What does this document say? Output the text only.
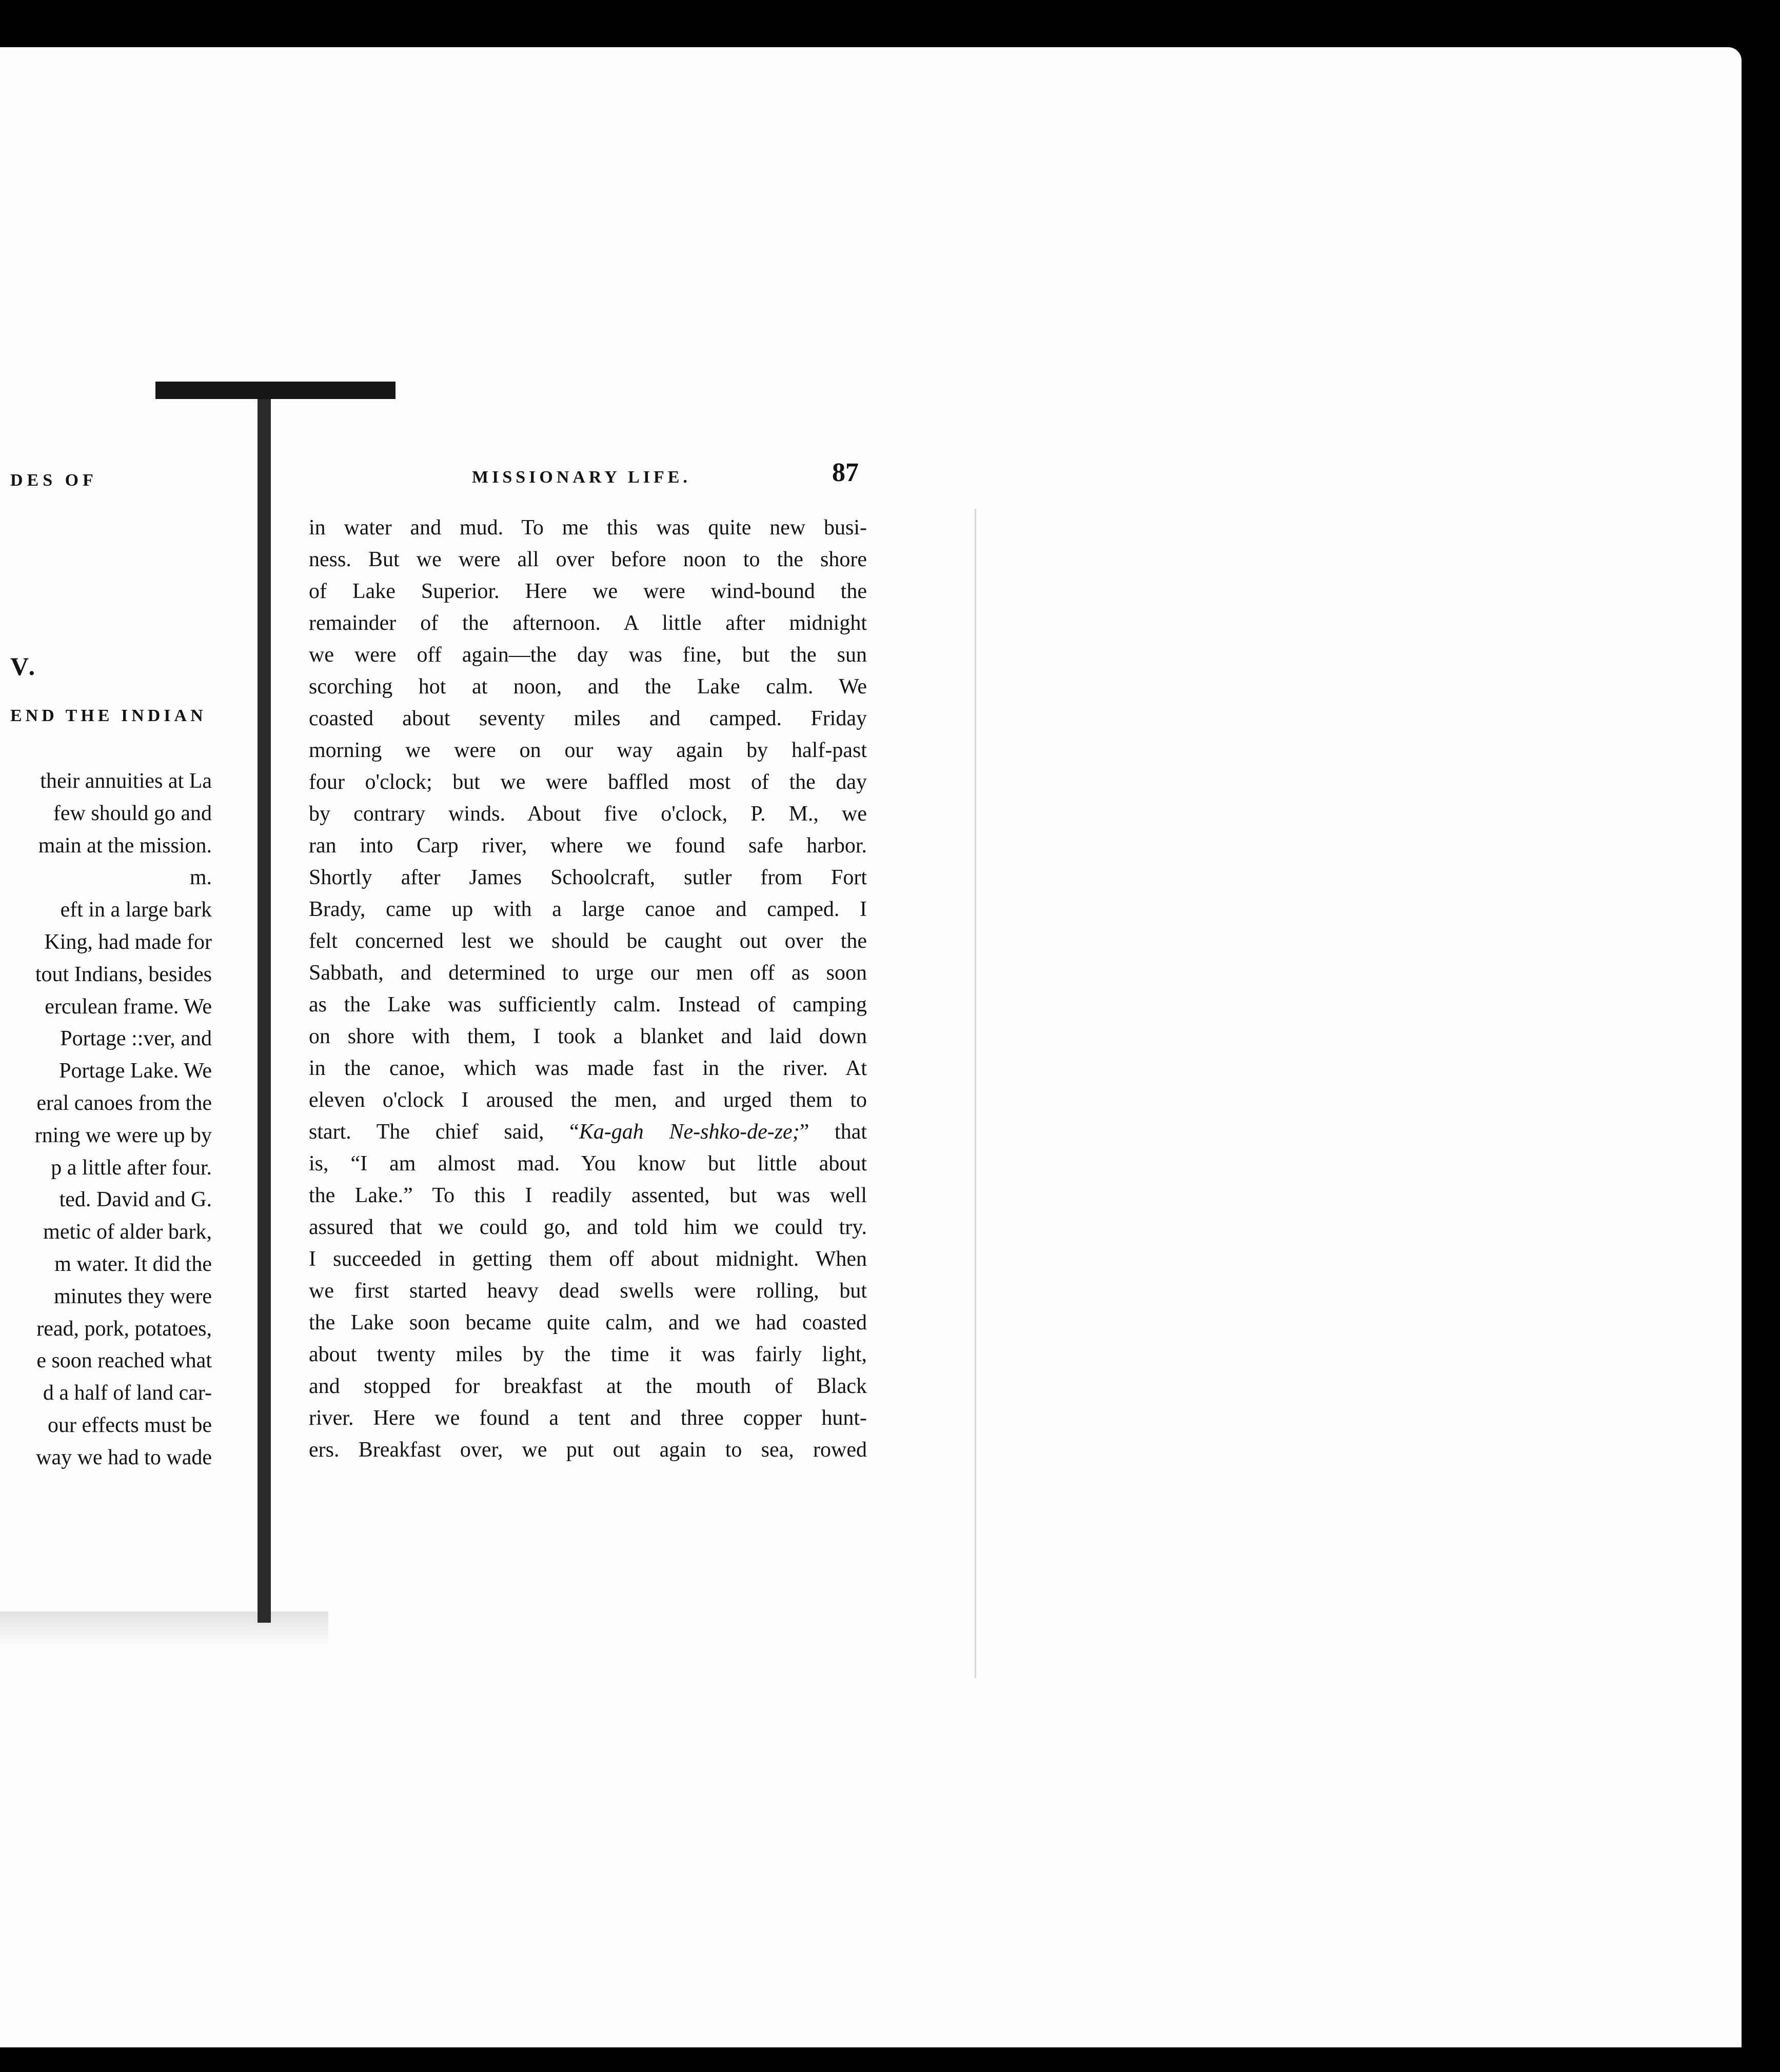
DES OF
V.
END THE INDIAN
their annuities at La
few should go and
main at the mission.
m.
eft in a large bark
King, had made for
tout Indians, besides
erculean frame. We
Portage ::ver, and
Portage Lake. We
eral canoes from the
rning we were up by
p a little after four.
ted. David and G.
metic of alder bark,
m water. It did the
minutes they were
read, pork, potatoes,
e soon reached what
d a half of land car-
our effects must be
way we had to wade
MISSIONARY LIFE.	87
in water and mud. To me this was quite new busi-
ness. But we were all over before noon to the shore
of Lake Superior. Here we were wind-bound the
remainder of the afternoon. A little after midnight
we were off again—the day was fine, but the sun
scorching hot at noon, and the Lake calm. We
coasted about seventy miles and camped. Friday
morning we were on our way again by half-past
four o'clock; but we were baffled most of the day
by contrary winds. About five o'clock, P. M., we
ran into Carp river, where we found safe harbor.
Shortly after James Schoolcraft, sutler from Fort
Brady, came up with a large canoe and camped. I
felt concerned lest we should be caught out over the
Sabbath, and determined to urge our men off as soon
as the Lake was sufficiently calm. Instead of camping
on shore with them, I took a blanket and laid down
in the canoe, which was made fast in the river. At
eleven o'clock I aroused the men, and urged them to
start. The chief said, “Ka-gah Ne-shko-de-ze;” that
is, “I am almost mad. You know but little about
the Lake.” To this I readily assented, but was well
assured that we could go, and told him we could try.
I succeeded in getting them off about midnight. When
we first started heavy dead swells were rolling, but
the Lake soon became quite calm, and we had coasted
about twenty miles by the time it was fairly light,
and stopped for breakfast at the mouth of Black
river. Here we found a tent and three copper hunt-
ers. Breakfast over, we put out again to sea, rowed
